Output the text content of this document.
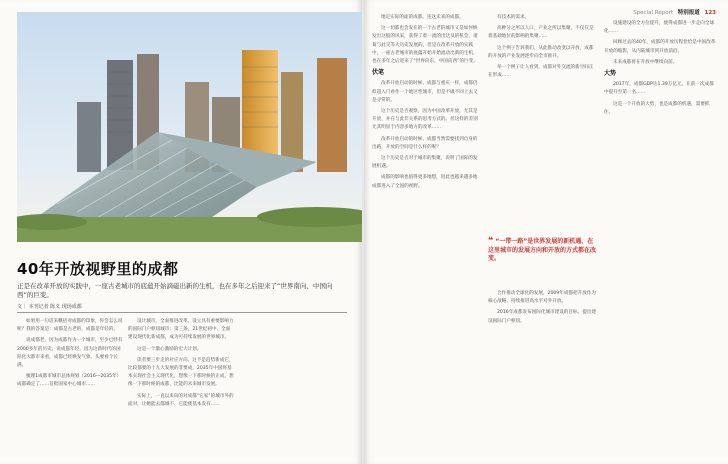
40年开放视野里的成都

正是在改革开放的实践中，一座古老城市的底蕴开始滴磁出新的生机，也在多年之后迎来了“世界南向、中国向西”的巨变。

文｜ 本刊记者 陈义 现场成都

如果用一句话来概括对成都的印象，你会怎么说呢？我的答案是：成都是古老的，成都是年轻的。

说成都老，因为成都作为一个城市，至少已经有2000多年的历史；说成都年轻，因为这新时代的国际化大都市来看，成都已经焕发气象。头要看个长满。

梳理1成都市城市总体规划（2016—2035年）成都确定了……首批国家中心城市……

设计城市，全面推进改革。设立具有重要影响力的国际门户枢纽城市：第三条，21世纪初中，全面建设现代化新成都，成为可持续发展的世界城市。

这是一个激心激励的宏大计划。

读者要三步走的对应方向。这不是趋势新成它，比较都要的十九大发展的非要成，2035年中国将基本实现社会主义现代化，想像一下那时候的正成，想像一下那时候的成都，比能的未来城市发展。

实际上，一直以来向的对成都“它家”的城市外的面对，让她能去都城不、它能使基本发有……

Special Report 特别报道 123

地定实际的面的成都。连这未来的成都。

这一切都也会发在的一个古老的城市又是如何焕发出这般的风采，获得了着一流的出达及的机会，诸葛与此交等大历史发展的，但是在改革开放的实践中，一座古老城市的底蕴开始开始流动出新的生机，也在多年之后迎来了“世界向东，中国向西”的巨变。

伏笔

改革开放启动的时候，成都与重庆一样，成都仍似超入门看作一个地区性城市，但是不做不同上去又是寻常的。

这个历史是否观察，因为中国改革开放，尤其是开放，并在与此非关系的思考方式的。但这样的差别尤其明显于内容多地方的改革……

改革开放启动的时候，成都当然需要找到自身的出路，开放的空间是什么样的呢？

这个历史是否对于城市的集聚，说明了国际的发展机遇。

成都的影响也值得更多地想，因此也越来越多地成都进入了全国的视野。

有技术的需求。

高种分之所以人口，产业之所以集聚，不仅仅是着基础地位的影响的集聚……

这个例子告诉我们，从此推动改变以开放，成都的开放的产业发展逐步向全市推开。

举一个例子让人看到，成都对外交流的新空间正在形成……

❝ “一带一路”是世界发展的新机遇，在这里城市的发展方向和开放的方式都在改变。

合作推动全球化的发展，2009年成都把开放作为核心战略，持续推进高水平对外开放。

2016年成都发布国际化城市建设的目标，提出建设国际门户枢纽。

设施建设的全方位提升，使得成都进一步走向全球化……

回顾过去的40年，成都的开放历程恰恰是中国改革开放的缩影，从内陆城市到开放前沿。

未来成都将在开放中继续向前。

大势

2017年，成都GDP达1.39万亿元，在前一次成都中提升至第一名……

这是一个开放的大势，也是成都的机遇，需要抓住。
